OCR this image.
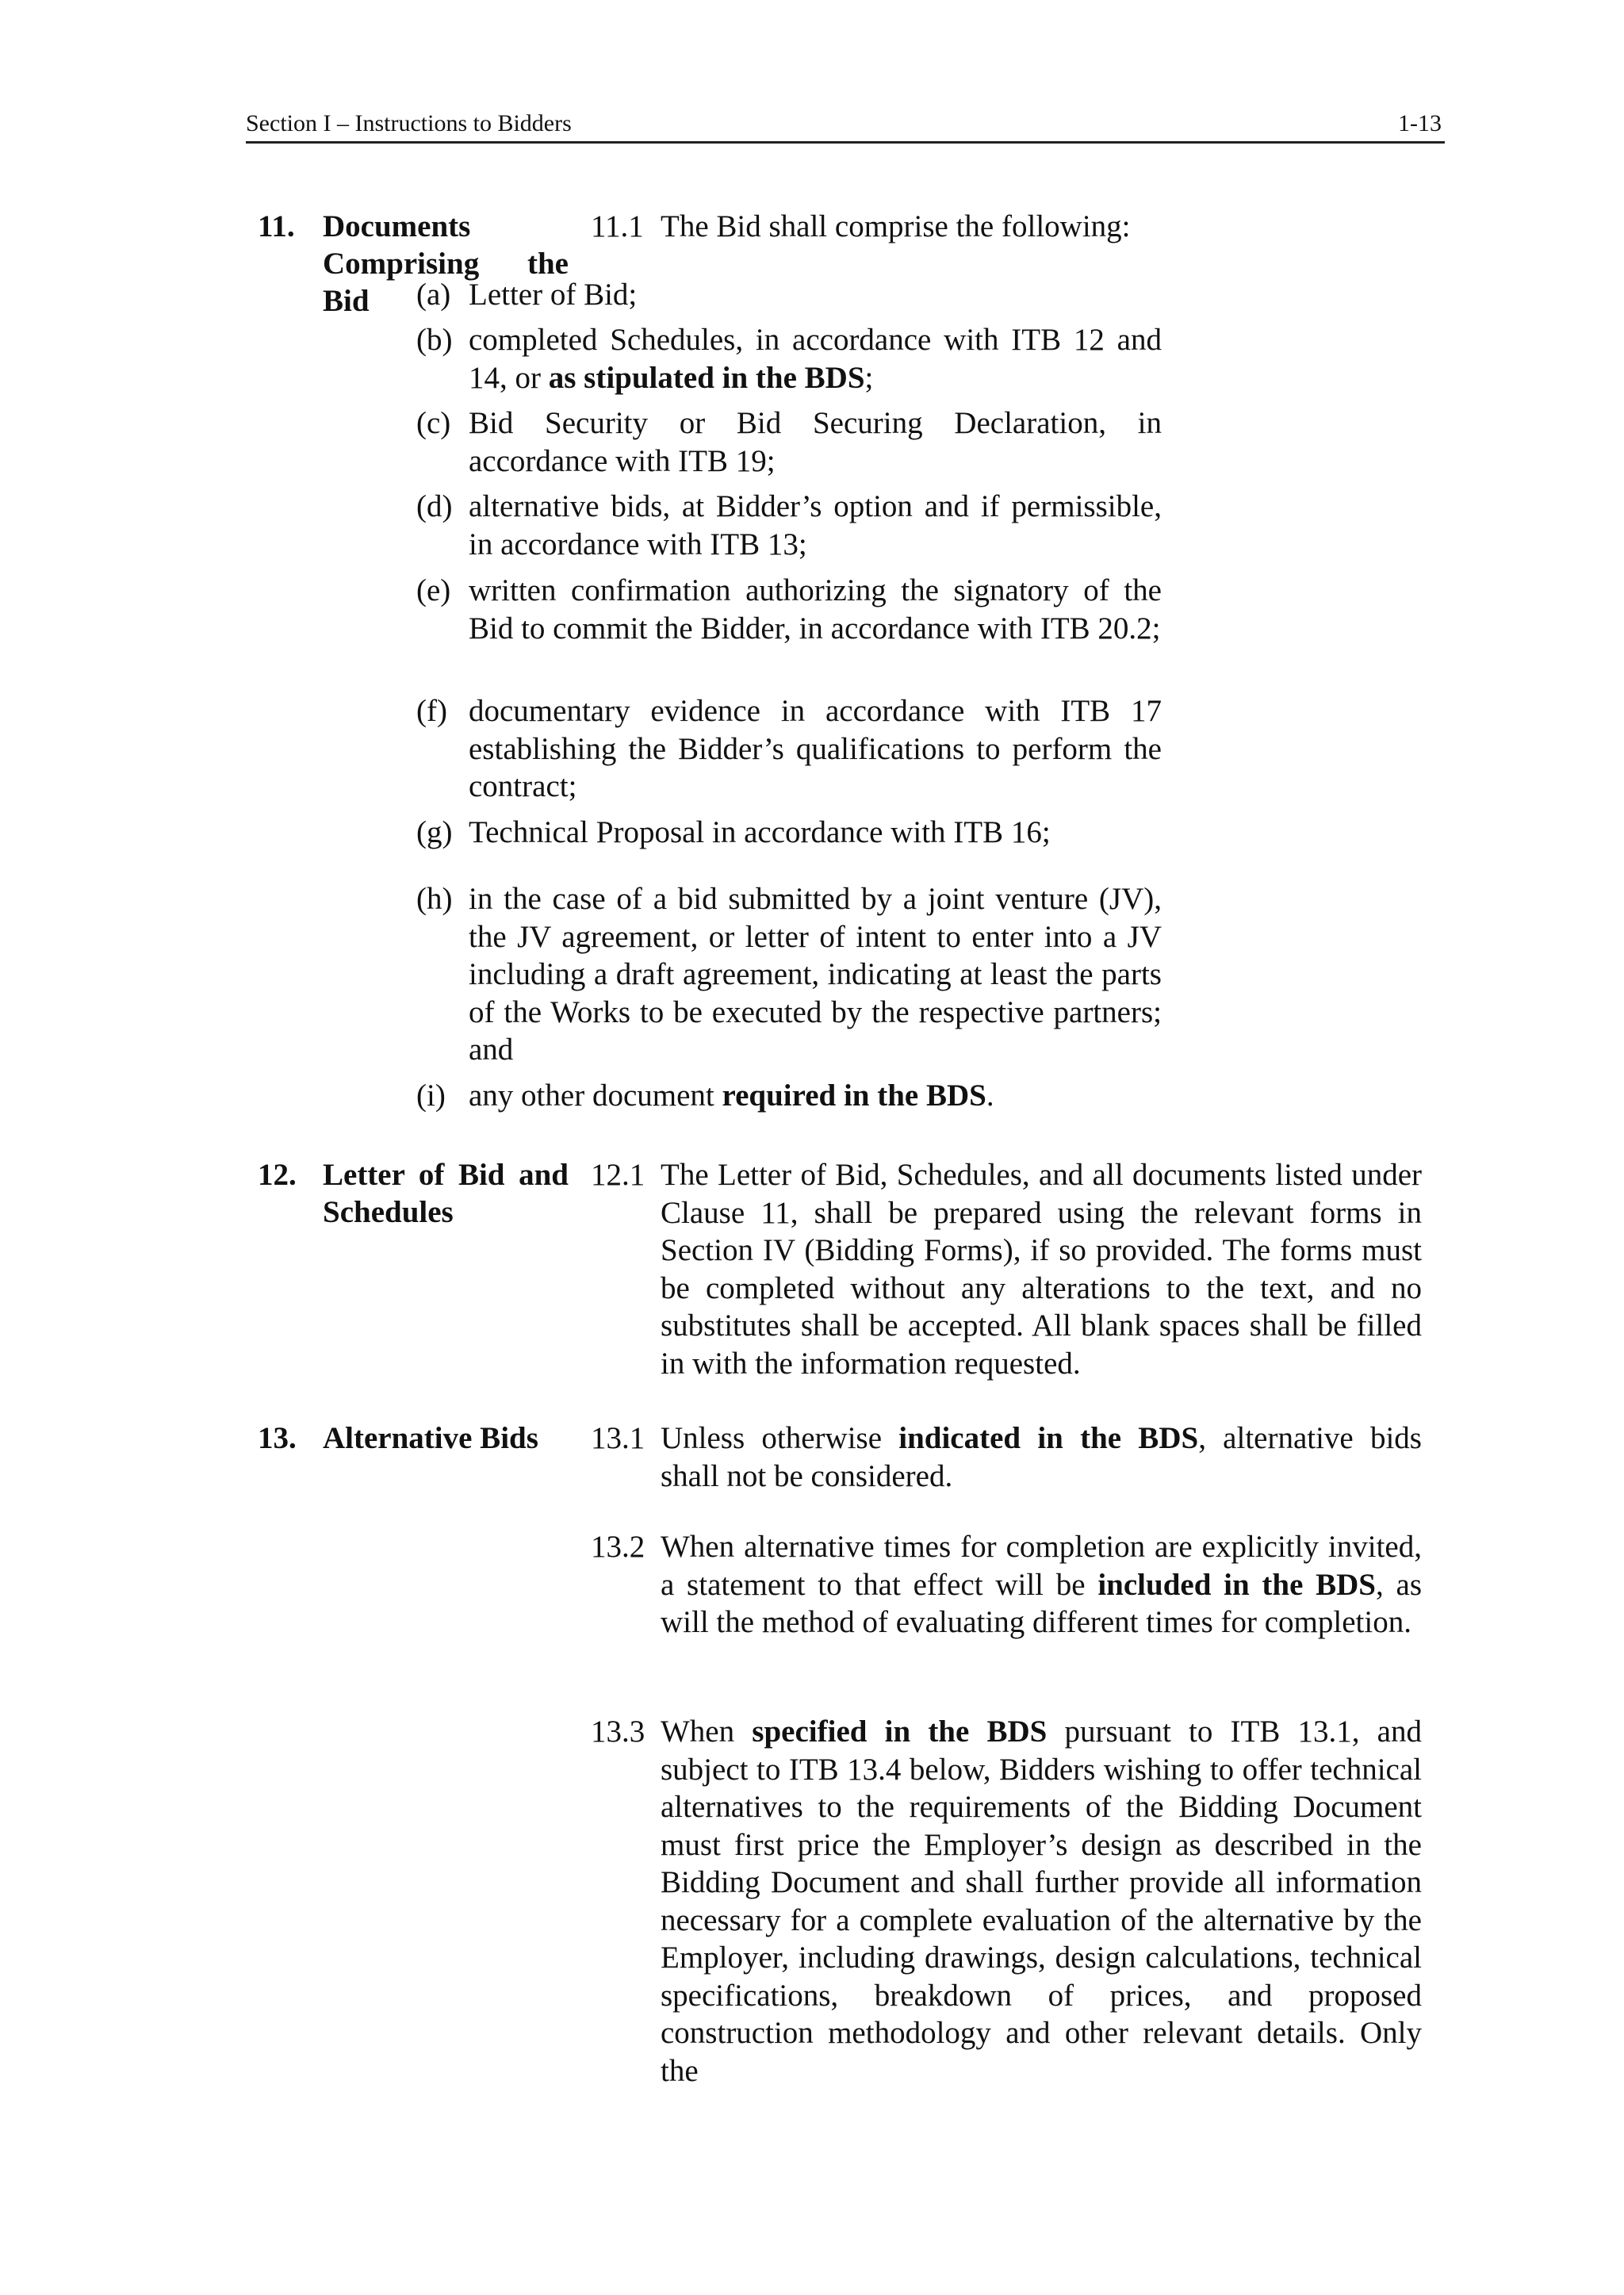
Section I – Instructions to Bidders	1-13
11. Documents Comprising the Bid
11.1 The Bid shall comprise the following:
(a) Letter of Bid;
(b) completed Schedules, in accordance with ITB 12 and 14, or as stipulated in the BDS;
(c) Bid Security or Bid Securing Declaration, in accordance with ITB 19;
(d) alternative bids, at Bidder’s option and if permissible, in accordance with ITB 13;
(e) written confirmation authorizing the signatory of the Bid to commit the Bidder, in accordance with ITB 20.2;
(f) documentary evidence in accordance with ITB 17 establishing the Bidder’s qualifications to perform the contract;
(g) Technical Proposal in accordance with ITB 16;
(h) in the case of a bid submitted by a joint venture (JV), the JV agreement, or letter of intent to enter into a JV including a draft agreement, indicating at least the parts of the Works to be executed by the respective partners; and
(i) any other document required in the BDS.
12. Letter of Bid and Schedules
12.1 The Letter of Bid, Schedules, and all documents listed under Clause 11, shall be prepared using the relevant forms in Section IV (Bidding Forms), if so provided. The forms must be completed without any alterations to the text, and no substitutes shall be accepted. All blank spaces shall be filled in with the information requested.
13. Alternative Bids	13.1 Unless otherwise indicated in the BDS, alternative bids shall not be considered.
13.2 When alternative times for completion are explicitly invited, a statement to that effect will be included in the BDS, as will the method of evaluating different times for completion.
13.3 When specified in the BDS pursuant to ITB 13.1, and subject to ITB 13.4 below, Bidders wishing to offer technical alternatives to the requirements of the Bidding Document must first price the Employer’s design as described in the Bidding Document and shall further provide all information necessary for a complete evaluation of the alternative by the Employer, including drawings, design calculations, technical specifications, breakdown of prices, and proposed construction methodology and other relevant details. Only the
